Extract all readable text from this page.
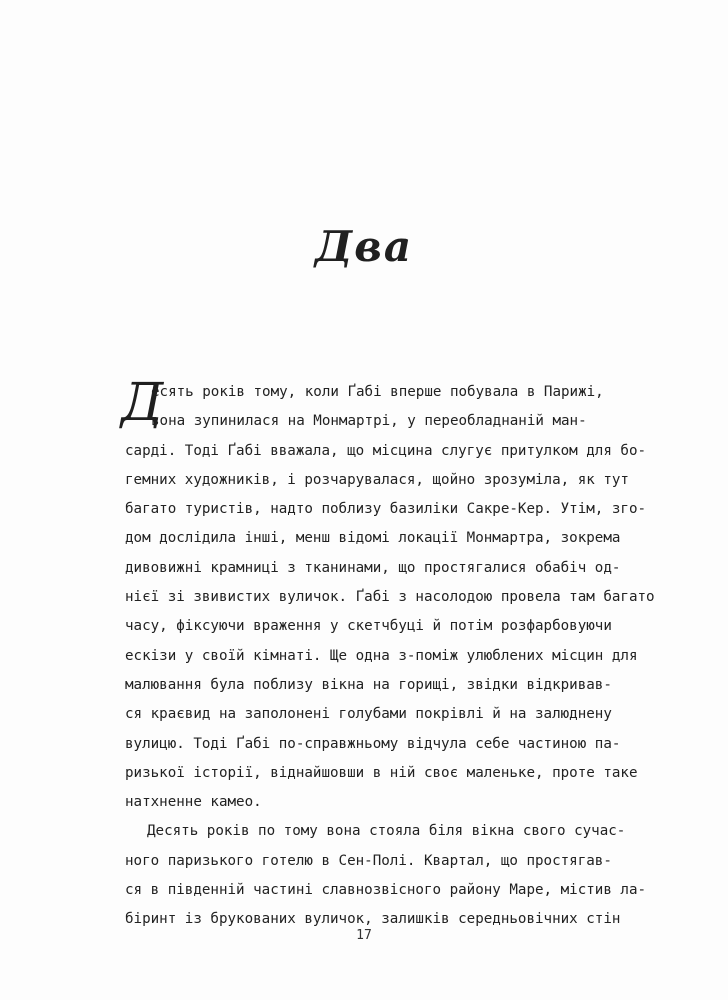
Два
Д
есять років тому, коли Ґабі вперше побувала в Парижі,
вона зупинилася на Монмартрі, у переобладнаній ман-
сарді. Тоді Ґабі вважала, що місцина слугує притулком для бо-
гемних художників, і розчарувалася, щойно зрозуміла, як тут
багато туристів, надто поблизу базиліки Сакре-Кер. Утім, зго-
дом дослідила інші, менш відомі локації Монмартра, зокрема
дивовижні крамниці з тканинами, що простягалися обабіч од-
нієї зі звивистих вуличок. Ґабі з насолодою провела там багато
часу, фіксуючи враження у скетчбуці й потім розфарбовуючи
ескізи у своїй кімнаті. Ще одна з-поміж улюблених місцин для
малювання була поблизу вікна на горищі, звідки відкривав-
ся краєвид на заполонені голубами покрівлі й на залюднену
вулицю. Тоді Ґабі по-справжньому відчула себе частиною па-
ризької історії, віднайшовши в ній своє маленьке, проте таке
натхненне камео.
Десять років по тому вона стояла біля вікна свого сучас-
ного паризького готелю в Сен-Полі. Квартал, що простягав-
ся в південній частині славнозвісного району Маре, містив ла-
біринт із брукованих вуличок, залишків середньовічних стін
17
